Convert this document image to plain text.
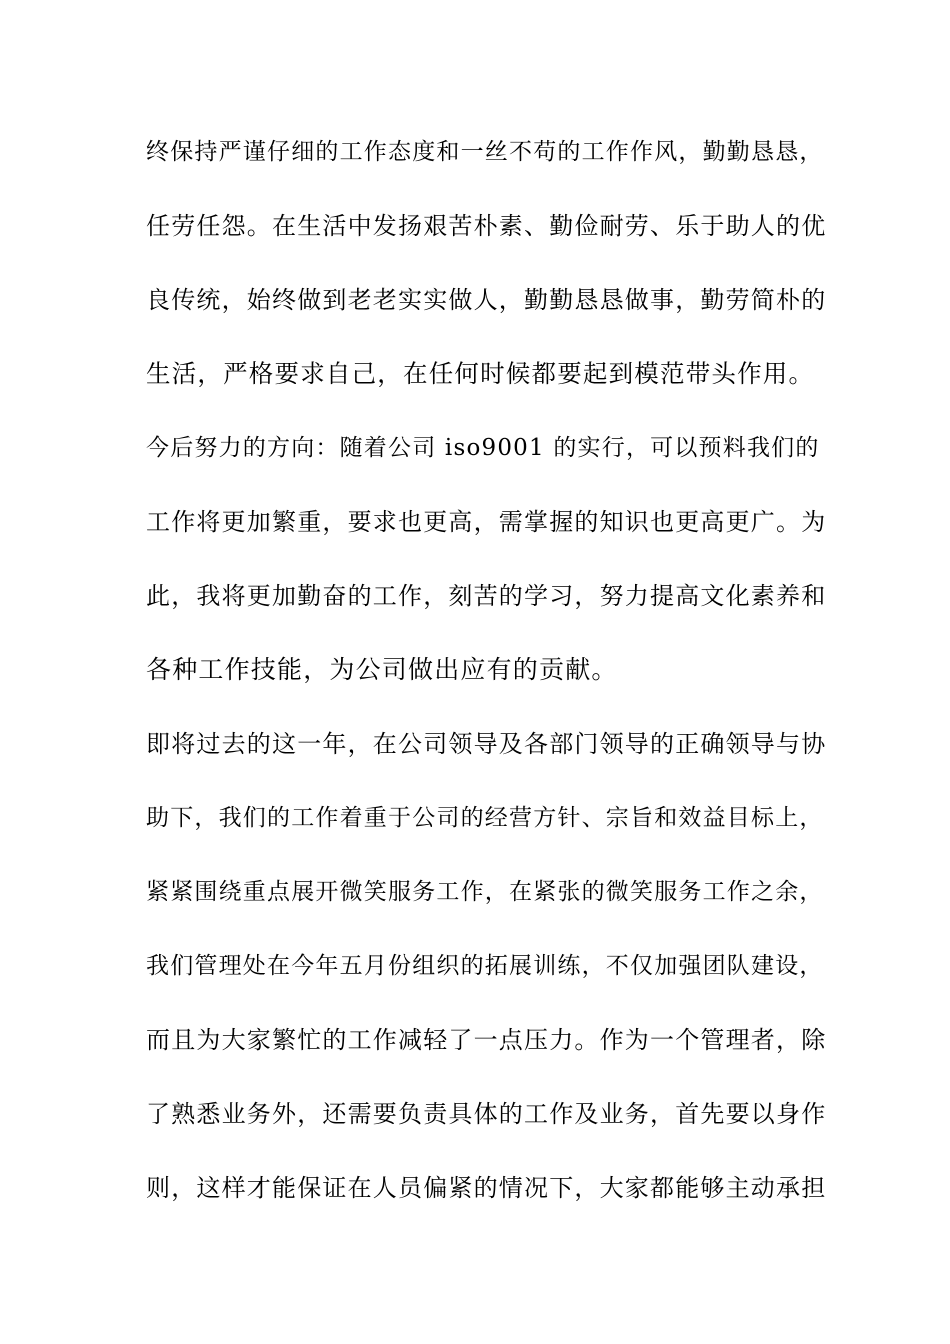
终保持严谨仔细的工作态度和一丝不苟的工作作风，勤勤恳恳，
任劳任怨。在生活中发扬艰苦朴素、勤俭耐劳、乐于助人的优
良传统，始终做到老老实实做人，勤勤恳恳做事，勤劳简朴的
生活，严格要求自己，在任何时候都要起到模范带头作用。
今后努力的方向：随着公司 iso9001 的实行，可以预料我们的
工作将更加繁重，要求也更高，需掌握的知识也更高更广。为
此，我将更加勤奋的工作，刻苦的学习，努力提高文化素养和
各种工作技能，为公司做出应有的贡献。
即将过去的这一年，在公司领导及各部门领导的正确领导与协
助下，我们的工作着重于公司的经营方针、宗旨和效益目标上，
紧紧围绕重点展开微笑服务工作，在紧张的微笑服务工作之余，
我们管理处在今年五月份组织的拓展训练，不仅加强团队建设，
而且为大家繁忙的工作减轻了一点压力。作为一个管理者，除
了熟悉业务外，还需要负责具体的工作及业务，首先要以身作
则，这样才能保证在人员偏紧的情况下，大家都能够主动承担
